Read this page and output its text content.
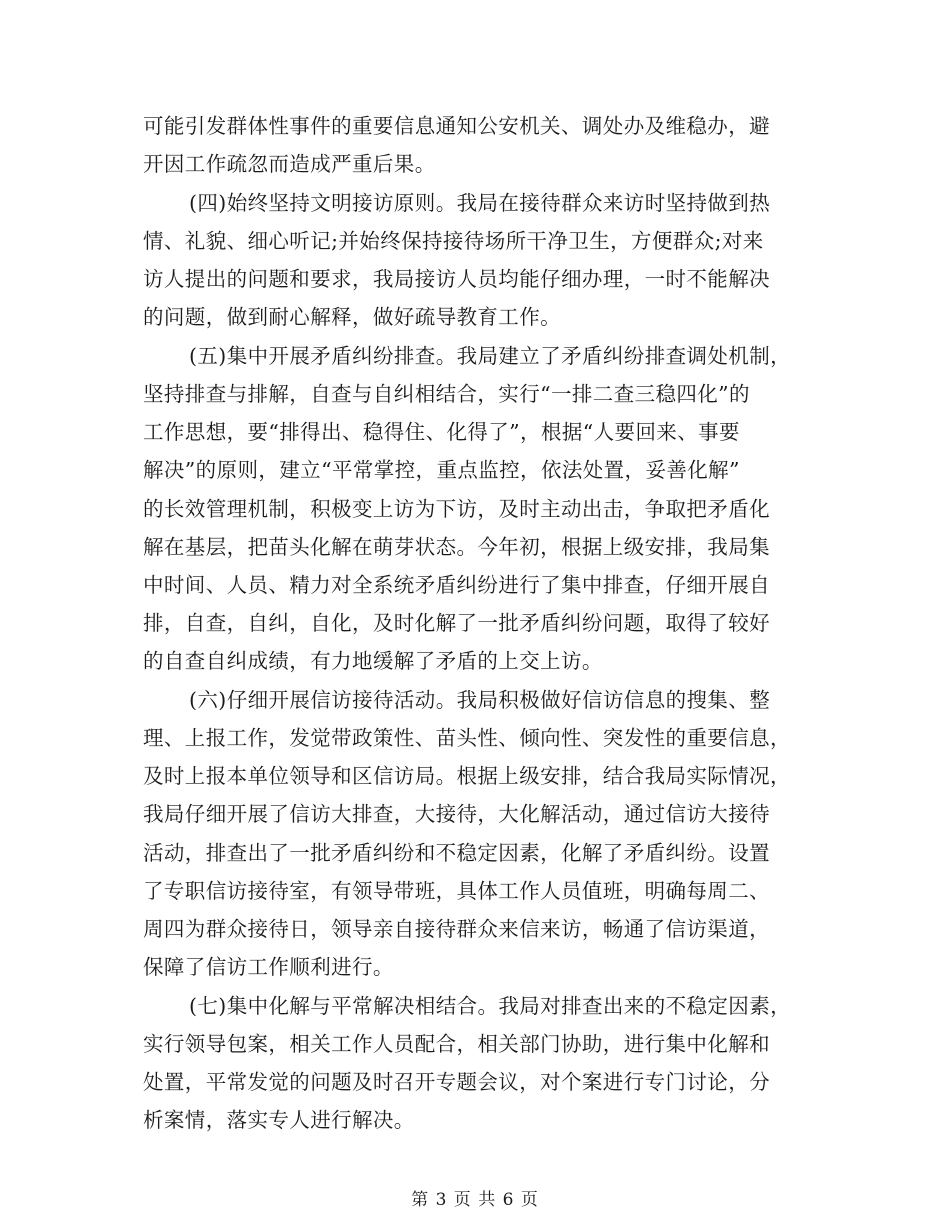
可能引发群体性事件的重要信息通知公安机关、调处办及维稳办，避
开因工作疏忽而造成严重后果。
(四)始终坚持文明接访原则。我局在接待群众来访时坚持做到热
情、礼貌、细心听记;并始终保持接待场所干净卫生，方便群众;对来
访人提出的问题和要求，我局接访人员均能仔细办理，一时不能解决
的问题，做到耐心解释，做好疏导教育工作。
(五)集中开展矛盾纠纷排查。我局建立了矛盾纠纷排查调处机制，
坚持排查与排解，自查与自纠相结合，实行“一排二查三稳四化”的
工作思想，要“排得出、稳得住、化得了”，根据“人要回来、事要
解决”的原则，建立“平常掌控，重点监控，依法处置，妥善化解”
的长效管理机制，积极变上访为下访，及时主动出击，争取把矛盾化
解在基层，把苗头化解在萌芽状态。今年初，根据上级安排，我局集
中时间、人员、精力对全系统矛盾纠纷进行了集中排查，仔细开展自
排，自查，自纠，自化，及时化解了一批矛盾纠纷问题，取得了较好
的自查自纠成绩，有力地缓解了矛盾的上交上访。
(六)仔细开展信访接待活动。我局积极做好信访信息的搜集、整
理、上报工作，发觉带政策性、苗头性、倾向性、突发性的重要信息，
及时上报本单位领导和区信访局。根据上级安排，结合我局实际情况，
我局仔细开展了信访大排查，大接待，大化解活动，通过信访大接待
活动，排查出了一批矛盾纠纷和不稳定因素，化解了矛盾纠纷。设置
了专职信访接待室，有领导带班，具体工作人员值班，明确每周二、
周四为群众接待日，领导亲自接待群众来信来访，畅通了信访渠道，
保障了信访工作顺利进行。
(七)集中化解与平常解决相结合。我局对排查出来的不稳定因素，
实行领导包案，相关工作人员配合，相关部门协助，进行集中化解和
处置，平常发觉的问题及时召开专题会议，对个案进行专门讨论，分
析案情，落实专人进行解决。
第 3 页 共 6 页
